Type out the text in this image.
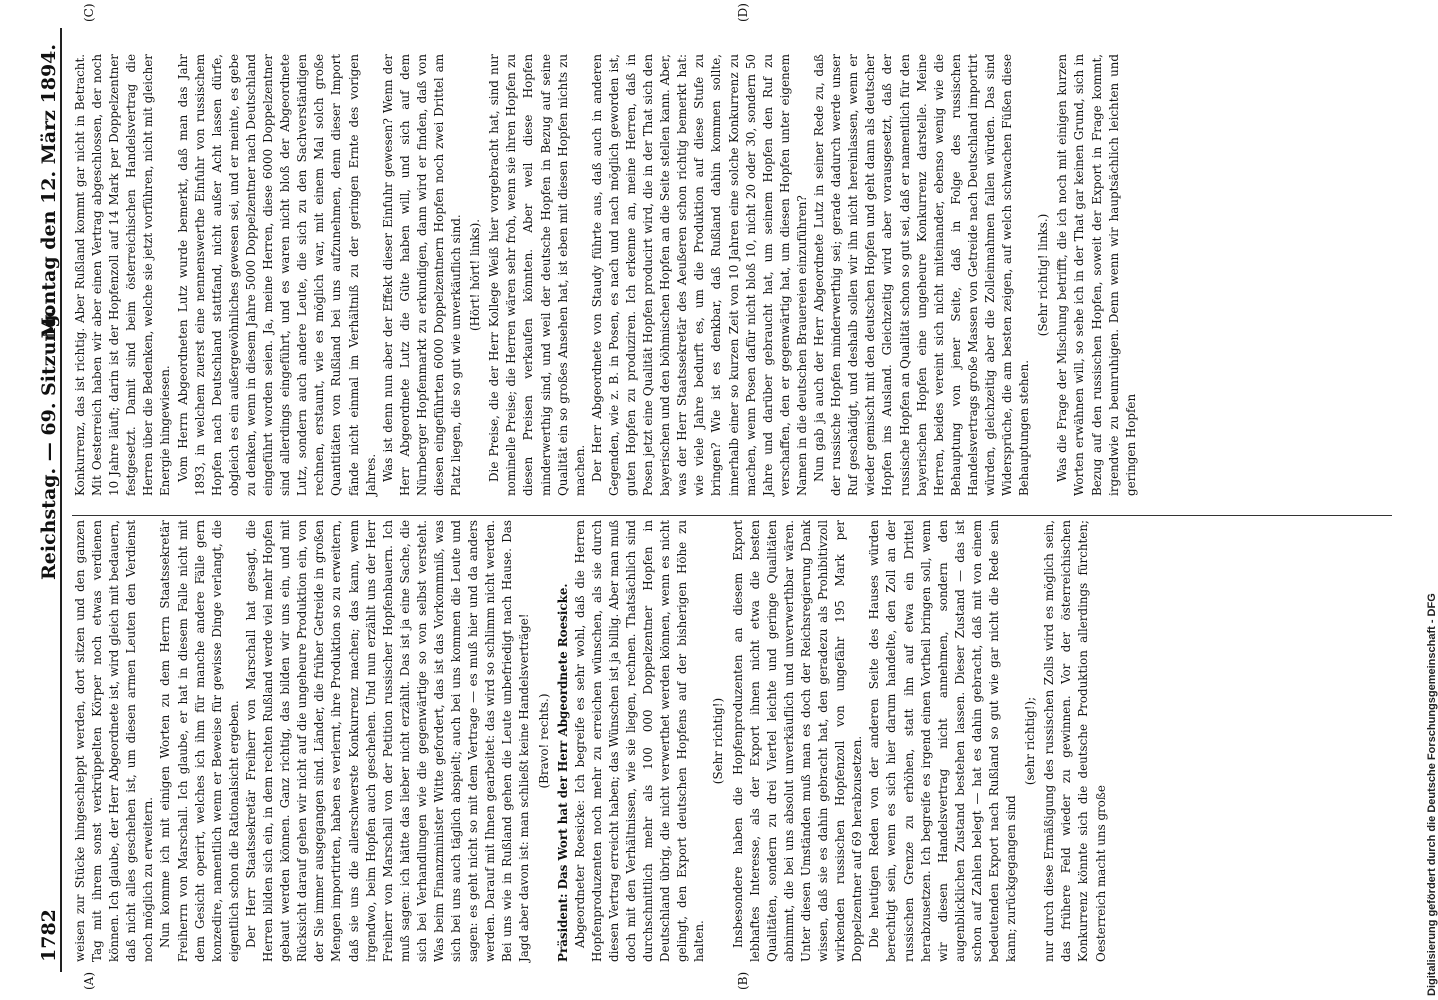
1782
Reichstag. — 69. Sitzung.
Montag den 12. März 1894.
(A)	(B)
(C)	(D)

weisen zur Stücke hingeschleppt werden, dort sitzen und den ganzen Tag mit ihrem sonst verkrüppelten Körper noch etwas verdienen können. Ich glaube, der Herr Abgeordnete ist, wird gleich mit bedauern, daß nicht alles geschehen ist, um diesen armen Leuten den Verdienst noch möglich zu erweitern. Nun komme ich mit einigen Worten zu dem Herrn Staatssekretär Freiherrn von Marschall. Ich glaube, er hat in diesem Falle nicht mit dem Gesicht operirt, welches ich ihm für manche andere Fälle gern konzedire, namentlich wenn er Beweise für gewisse Dinge verlangt, die eigentlich schon die Rationalsicht ergeben. Der Herr Staatssekretär Freiherr von Marschall hat gesagt, die Herren bilden sich ein, in dem rechten Rußland werde viel mehr Hopfen gebaut werden können. Ganz richtig, das bilden wir uns ein, und mit Rücksicht darauf gehen wir nicht auf die ungeheure Produktion ein, von der Sie immer ausgegangen sind. Länder, die früher Getreide in großen Mengen importirten, haben es verlernt, ihre Produktion so zu erweitern, daß sie uns die allerschwerste Konkurrenz machen; das kann, wenn irgendwo, beim Hopfen auch geschehen. Und nun erzählt uns der Herr Freiherr von Marschall von der Petition russischer Hopfenbauern. Ich muß sagen: ich hätte das lieber nicht erzählt. Das ist ja eine Sache, die sich bei Verhandlungen wie die gegenwärtige so von selbst versteht. Was beim Finanzminister Witte gefordert, das ist das Vorkommniß, was sich bei uns auch täglich abspielt; auch bei uns kommen die Leute und sagen: es geht nicht so mit dem Vertrage — es muß hier und da anders werden. Darauf mit Ihnen gearbeitet: das wird so schlimm nicht werden. Bei uns wie in Rußland gehen die Leute unbefriedigt nach Hause. Das Jagd aber davon ist: man schließt keine Handelsverträge! (Bravo! rechts.) Präsident: Das Wort hat der Herr Abgeordnete Roesicke. Abgeordneter Roesicke: Ich begreife es sehr wohl, daß die Herren Hopfenproduzenten noch mehr zu erreichen wünschen, als sie durch diesen Vertrag erreicht haben; das Wünschen ist ja billig. Aber man muß doch mit den Verhältnissen, wie sie liegen, rechnen. Thatsächlich sind durchschnittlich mehr als 100 000 Doppelzentner Hopfen in Deutschland übrig, die nicht verwerthet werden können, wenn es nicht gelingt, den Export deutschen Hopfens auf der bisherigen Höhe zu halten.

(Sehr richtig!) Insbesondere haben die Hopfenproduzenten an diesem Export lebhaftes Interesse, als der Export ihnen nicht etwa die besten Qualitäten, sondern zu drei Viertel leichte und geringe Qualitäten abnimmt, die bei uns absolut unverkäuflich und unverwerthbar wären. Unter diesen Umständen muß man es doch der Reichsregierung Dank wissen, daß sie es dahin gebracht hat, den geradezu als Prohibitivzoll wirkenden russischen Hopfenzoll von ungefähr 195 Mark per Doppelzentner auf 69 herabzusetzen. Die heutigen Reden von der anderen Seite des Hauses würden berechtigt sein, wenn es sich hier darum handelte, den Zoll an der russischen Grenze zu erhöhen, statt ihn auf etwa ein Drittel herabzusetzen. Ich begreife es irgend einen Vortheil bringen soll, wenn wir diesen Handelsvertrag nicht annehmen, sondern den augenblicklichen Zustand bestehen lassen. Dieser Zustand — das ist schon auf Zahlen belegt — hat es dahin gebracht, daß mit von einem bedeutenden Export nach Rußland so gut wie gar nicht die Rede sein kann; zurückgegangen sind

(sehr richtig!); nur durch diese Ermäßigung des russischen Zolls wird es möglich sein, das frühere Feld wieder zu gewinnen. Vor der österreichischen Konkurrenz könnte sich die deutsche Produktion allerdings fürchten; Oesterreich macht uns große

Konkurrenz, das ist richtig. Aber Rußland kommt gar nicht in Betracht. Mit Oesterreich haben wir aber einen Vertrag abgeschlossen, der noch 10 Jahre läuft; darin ist der Hopfenzoll auf 14 Mark per Doppelzentner festgesetzt. Damit sind beim österreichischen Handelsvertrag die Herren über die Bedenken, welche sie jetzt vorführen, nicht mit gleicher Energie hingewiesen. Vom Herrn Abgeordneten Lutz wurde bemerkt, daß man das Jahr 1893, in welchem zuerst eine nennenswerthe Einfuhr von russischem Hopfen nach Deutschland stattfand, nicht außer Acht lassen dürfe, obgleich es ein außergewöhnliches gewesen sei, und er meinte, es gebe zu denken, wenn in diesem Jahre 5000 Doppelzentner nach Deutschland eingeführt worden seien. Ja, meine Herren, diese 6000 Doppelzentner sind allerdings eingeführt, und es waren nicht bloß der Abgeordnete Lutz, sondern auch andere Leute, die sich zu den Sachverständigen rechnen, erstaunt, wie es möglich war, mit einem Mal solch große Quantitäten von Rußland bei uns aufzunehmen, denn dieser Import fände nicht einmal im Verhältniß zu der geringen Ernte des vorigen Jahres. Was ist denn nun aber der Effekt dieser Einfuhr gewesen? Wenn der Herr Abgeordnete Lutz die Güte haben will, und sich auf dem Nürnberger Hopfenmarkt zu erkundigen, dann wird er finden, daß von diesen eingeführten 6000 Doppelzentnern Hopfen noch zwei Drittel am Platz liegen, die so gut wie unverkäuflich sind. (Hört! hört! links). Die Preise, die der Herr Kollege Weiß hier vorgebracht hat, sind nur nominelle Preise; die Herren wären sehr froh, wenn sie ihren Hopfen zu diesen Preisen verkaufen könnten. Aber weil diese Hopfen minderwerthig sind, und weil der deutsche Hopfen in Bezug auf seine Qualität ein so großes Ansehen hat, ist eben mit diesen Hopfen nichts zu machen. Der Herr Abgeordnete von Staudy führte aus, daß auch in anderen Gegenden, wie z. B. in Posen, es nach und nach möglich geworden ist, guten Hopfen zu produziren. Ich erkenne an, meine Herren, daß in Posen jetzt eine Qualität Hopfen producirt wird, die in der That sich den bayerischen und den böhmischen Hopfen an die Seite stellen kann. Aber, was der Herr Staatssekretär des Aeußeren schon richtig bemerkt hat: wie viele Jahre bedurft es, um die Produktion auf diese Stufe zu bringen? Wie ist es denkbar, daß Rußland dahin kommen sollte, innerhalb einer so kurzen Zeit von 10 Jahren eine solche Konkurrenz zu machen, wenn Posen dafür nicht bloß 10, nicht 20 oder 30, sondern 50 Jahre und darüber gebraucht hat, um seinem Hopfen den Ruf zu verschaffen, den er gegenwärtig hat, um diesen Hopfen unter eigenem Namen in die deutschen Brauereien einzuführen? Nun gab ja auch der Herr Abgeordnete Lutz in seiner Rede zu, daß der russische Hopfen minderwerthig sei; gerade dadurch werde unser Ruf geschädigt, und deshalb sollen wir ihn nicht hereinlassen, wenn er wieder gemischt mit den deutschen Hopfen und geht dann als deutscher Hopfen ins Ausland. Gleichzeitig wird aber vorausgesetzt, daß der russische Hopfen an Qualität schon so gut sei, daß er namentlich für den bayerischen Hopfen eine ungeheure Konkurrenz darstelle. Meine Herren, beides vereint sich nicht miteinander, ebenso wenig wie die Behauptung von jener Seite, daß in Folge des russischen Handelsvertrags große Massen von Getreide nach Deutschland importirt würden, gleichzeitig aber die Zolleinnahmen fallen würden. Das sind Widersprüche, die am besten zeigen, auf welch schwachen Füßen diese Behauptungen stehen.

(Sehr richtig! links.) Was die Frage der Mischung betrifft, die ich noch mit einigen kurzen Worten erwähnen will, so sehe ich in der That gar keinen Grund, sich in Bezug auf den russischen Hopfen, soweit der Export in Frage kommt, irgendwie zu beunruhigen. Denn wenn wir hauptsächlich leichten und geringen Hopfen

Digitalisierung gefördert durch die Deutsche Forschungsgemeinschaft - DFG
